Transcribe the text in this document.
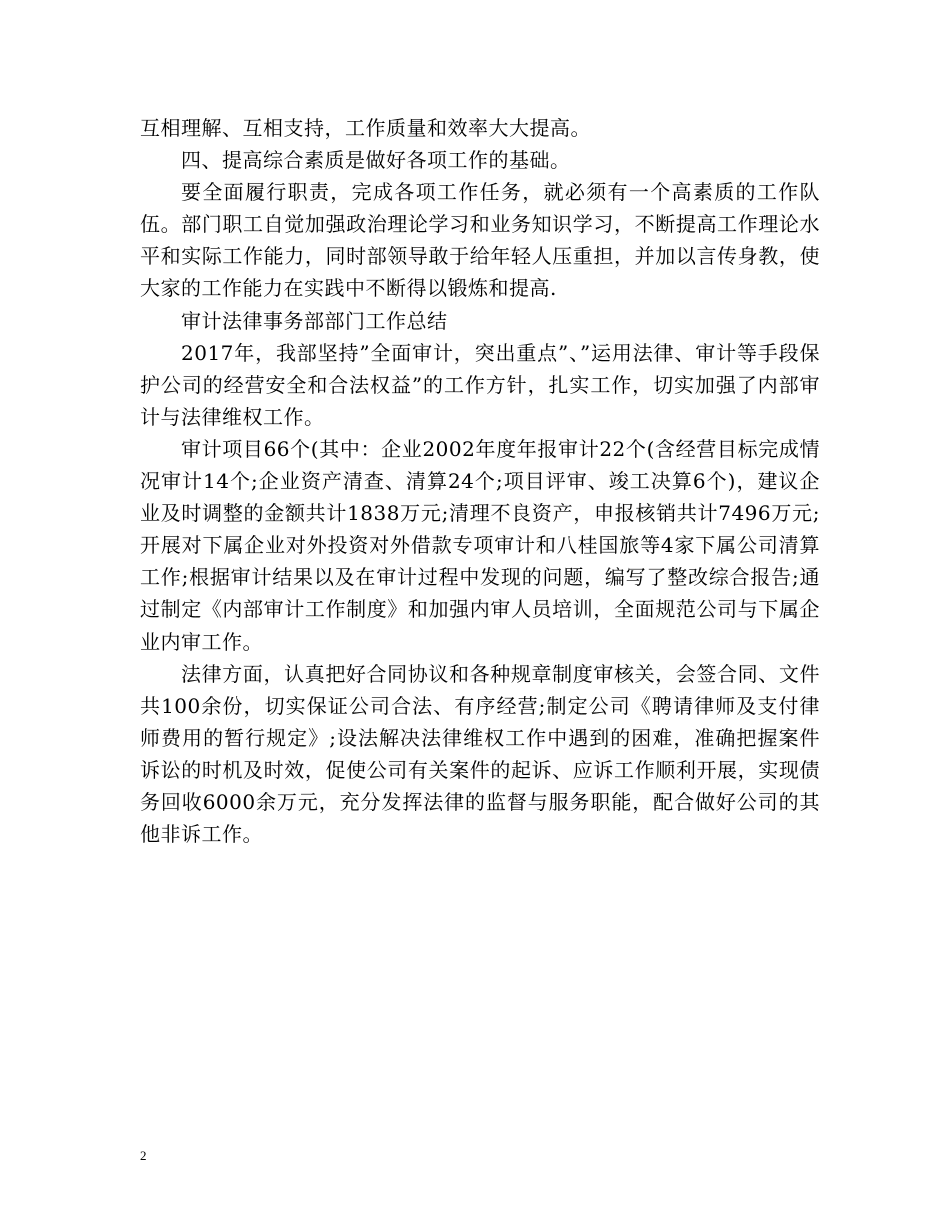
互相理解、互相支持，工作质量和效率大大提高。

四、提高综合素质是做好各项工作的基础。

要全面履行职责，完成各项工作任务，就必须有一个高素质的工作队伍。部门职工自觉加强政治理论学习和业务知识学习，不断提高工作理论水平和实际工作能力，同时部领导敢于给年轻人压重担，并加以言传身教，使大家的工作能力在实践中不断得以锻炼和提高.

审计法律事务部部门工作总结

2017年，我部坚持”全面审计，突出重点”、”运用法律、审计等手段保护公司的经营安全和合法权益”的工作方针，扎实工作，切实加强了内部审计与法律维权工作。

审计项目66个(其中：企业2002年度年报审计22个(含经营目标完成情况审计14个;企业资产清查、清算24个;项目评审、竣工决算6个)，建议企业及时调整的金额共计1838万元;清理不良资产，申报核销共计7496万元;开展对下属企业对外投资对外借款专项审计和八桂国旅等4家下属公司清算工作;根据审计结果以及在审计过程中发现的问题，编写了整改综合报告;通过制定《内部审计工作制度》和加强内审人员培训，全面规范公司与下属企业内审工作。

法律方面，认真把好合同协议和各种规章制度审核关，会签合同、文件共100余份，切实保证公司合法、有序经营;制定公司《聘请律师及支付律师费用的暂行规定》;设法解决法律维权工作中遇到的困难，准确把握案件诉讼的时机及时效，促使公司有关案件的起诉、应诉工作顺利开展，实现债务回收6000余万元，充分发挥法律的监督与服务职能，配合做好公司的其他非诉工作。

2
